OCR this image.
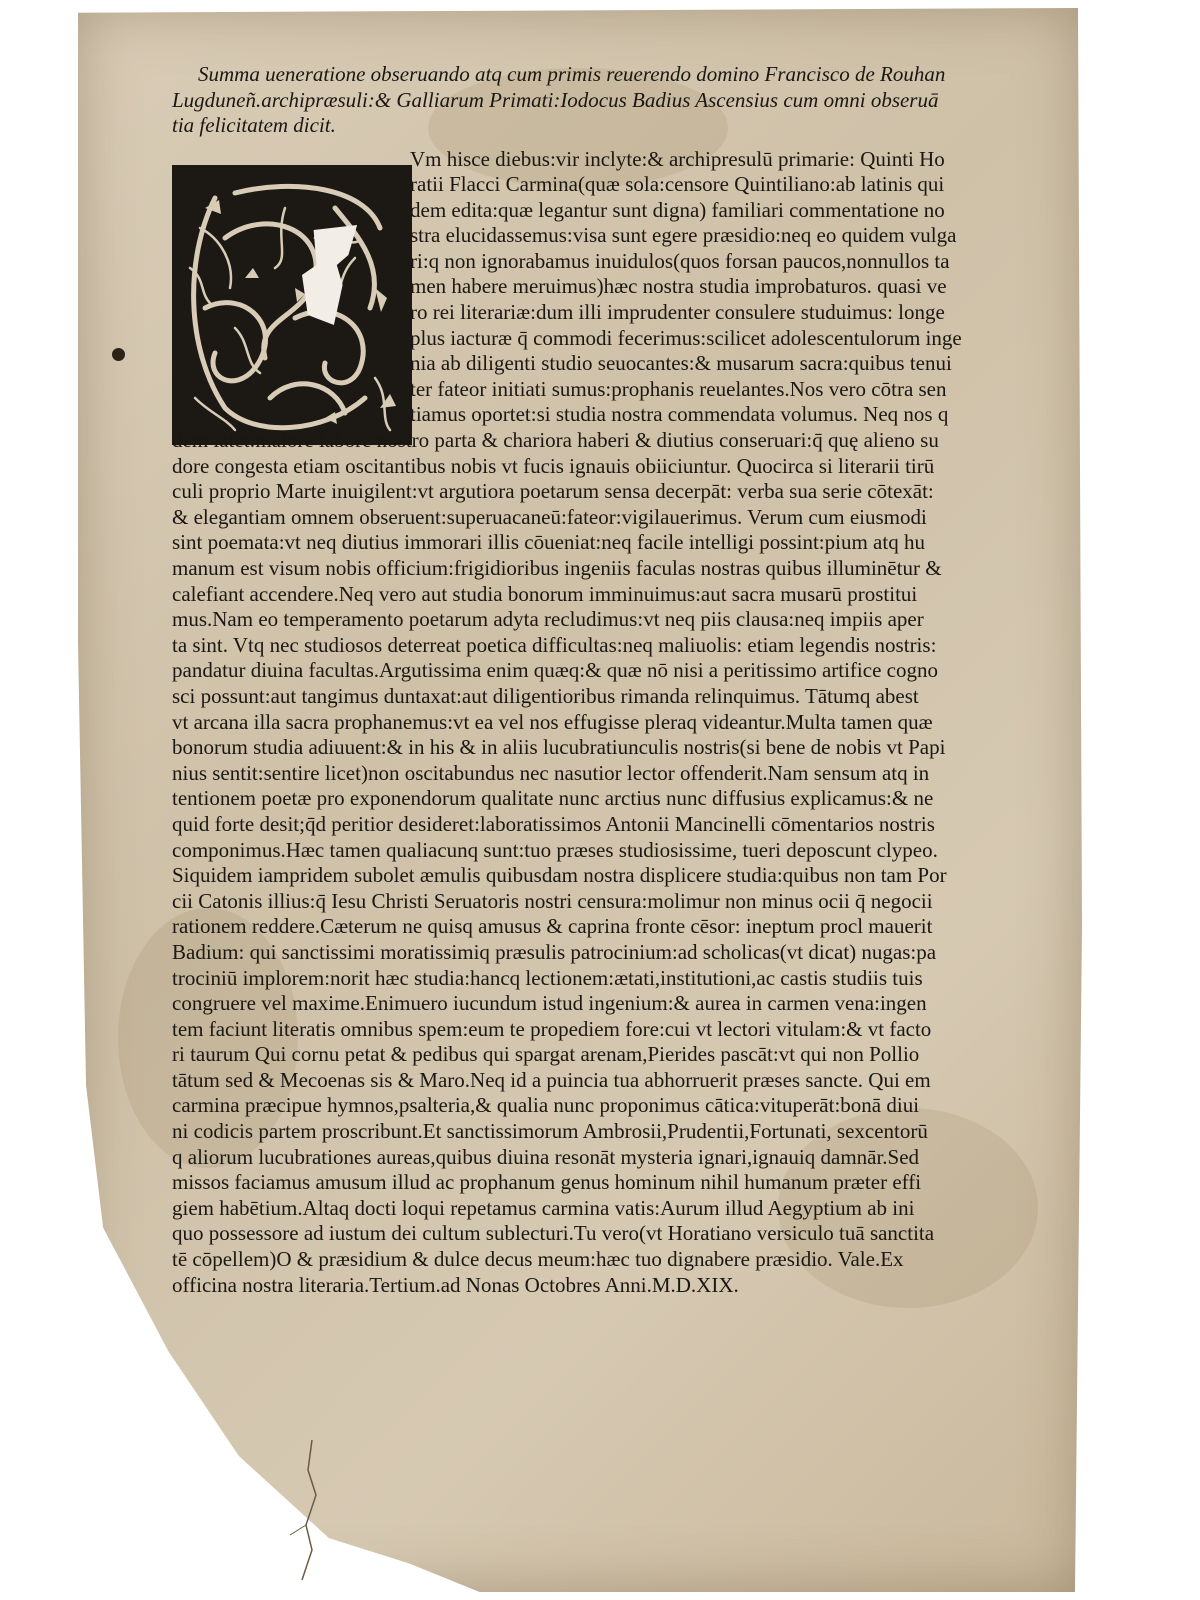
Summa ueneratione obseruando atq cum primis reuerendo domino Francisco de Rouhan
Lugduneñ.archipræsuli:& Galliarum Primati:Iodocus Badius Ascensius cum omni obseruā
tia felicitatem dicit.
Vm hisce diebus:vir inclyte:& archipresulū primarie: Quinti Ho
ratii Flacci Carmina(quæ sola:censore Quintiliano:ab latinis qui
dem edita:quæ legantur sunt digna) familiari commentatione no
stra elucidassemus:visa sunt egere præsidio:neq eo quidem vulga
ri:q non ignorabamus inuidulos(quos forsan paucos,nonnullos ta
men habere meruimus)hæc nostra studia improbaturos. quasi ve
ro rei literariæ:dum illi imprudenter consulere studuimus: longe
plus iacturæ q̄ commodi fecerimus:scilicet adolescentulorum inge
nia ab diligenti studio seuocantes:& musarum sacra:quibus tenui
ter fateor initiati sumus:prophanis reuelantes.Nos vero cōtra sen
tiamus oportet:si studia nostra commendata volumus. Neq nos q
dem latet:maiore labore nostro parta & chariora haberi & diutius conseruari:q̄ quę alieno su
dore congesta etiam oscitantibus nobis vt fucis ignauis obiiciuntur. Quocirca si literarii tirū
culi proprio Marte inuigilent:vt argutiora poetarum sensa decerpāt: verba sua serie cōtexāt:
& elegantiam omnem obseruent:superuacaneū:fateor:vigilauerimus. Verum cum eiusmodi
sint poemata:vt neq diutius immorari illis cōueniat:neq facile intelligi possint:pium atq hu
manum est visum nobis officium:frigidioribus ingeniis faculas nostras quibus illuminētur &
calefiant accendere.Neq vero aut studia bonorum imminuimus:aut sacra musarū prostitui
mus.Nam eo temperamento poetarum adyta recludimus:vt neq piis clausa:neq impiis aper
ta sint. Vtq nec studiosos deterreat poetica difficultas:neq maliuolis: etiam legendis nostris:
pandatur diuina facultas.Argutissima enim quæq:& quæ nō nisi a peritissimo artifice cogno
sci possunt:aut tangimus duntaxat:aut diligentioribus rimanda relinquimus. Tātumq abest
vt arcana illa sacra prophanemus:vt ea vel nos effugisse pleraq videantur.Multa tamen quæ
bonorum studia adiuuent:& in his & in aliis lucubratiunculis nostris(si bene de nobis vt Papi
nius sentit:sentire licet)non oscitabundus nec nasutior lector offenderit.Nam sensum atq in
tentionem poetæ pro exponendorum qualitate nunc arctius nunc diffusius explicamus:& ne
quid forte desit;q̄d peritior desideret:laboratissimos Antonii Mancinelli cōmentarios nostris
componimus.Hæc tamen qualiacunq sunt:tuo præses studiosissime, tueri deposcunt clypeo.
Siquidem iampridem subolet æmulis quibusdam nostra displicere studia:quibus non tam Por
cii Catonis illius:q̄ Iesu Christi Seruatoris nostri censura:molimur non minus ocii q̄ negocii
rationem reddere.Cæterum ne quisq amusus & caprina fronte cēsor: ineptum procl mauerit
Badium: qui sanctissimi moratissimiq præsulis patrocinium:ad scholicas(vt dicat) nugas:pa
trociniū implorem:norit hæc studia:hancq lectionem:ætati,institutioni,ac castis studiis tuis
congruere vel maxime.Enimuero iucundum istud ingenium:& aurea in carmen vena:ingen
tem faciunt literatis omnibus spem:eum te propediem fore:cui vt lectori vitulam:& vt facto
ri taurum Qui cornu petat & pedibus qui spargat arenam,Pierides pascāt:vt qui non Pollio
tātum sed & Mecoenas sis & Maro.Neq id a puincia tua abhorruerit præses sancte. Qui em
carmina præcipue hymnos,psalteria,& qualia nunc proponimus cātica:vituperāt:bonā diui
ni codicis partem proscribunt.Et sanctissimorum Ambrosii,Prudentii,Fortunati, sexcentorū
q aliorum lucubrationes aureas,quibus diuina resonāt mysteria ignari,ignauiq damnār.Sed
missos faciamus amusum illud ac prophanum genus hominum nihil humanum præter effi
giem habētium.Altaq docti loqui repetamus carmina vatis:Aurum illud Aegyptium ab ini
quo possessore ad iustum dei cultum sublecturi.Tu vero(vt Horatiano versiculo tuā sanctita
tē cōpellem)O & præsidium & dulce decus meum:hæc tuo dignabere præsidio. Vale.Ex
officina nostra literaria.Tertium.ad Nonas Octobres Anni.M.D.XIX.
